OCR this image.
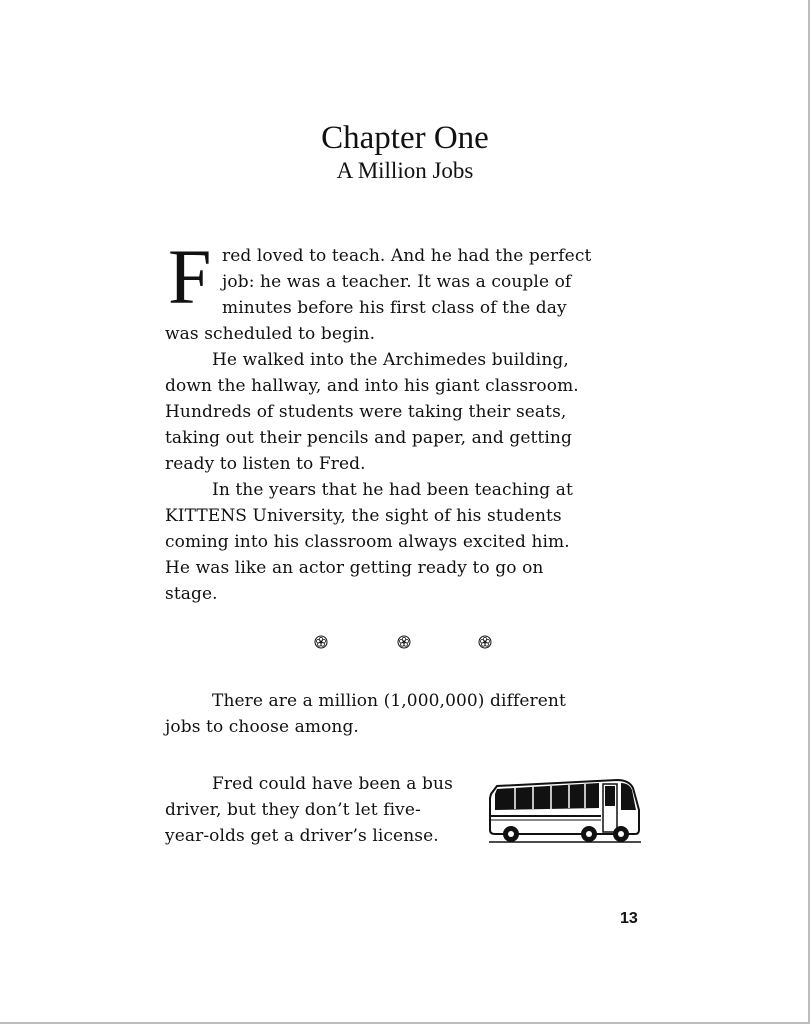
Chapter One
A Million Jobs
F red loved to teach. And he had the perfect
job: he was a teacher. It was a couple of
minutes before his first class of the day
was scheduled to begin.
He walked into the Archimedes building,
down the hallway, and into his giant classroom.
Hundreds of students were taking their seats,
taking out their pencils and paper, and getting
ready to listen to Fred.
In the years that he had been teaching at
KITTENS University, the sight of his students
coming into his classroom always excited him.
He was like an actor getting ready to go on
stage.
There are a million (1,000,000) different
jobs to choose among.
Fred could have been a bus
driver, but they don’t let five-
year-olds get a driver’s license.
13
